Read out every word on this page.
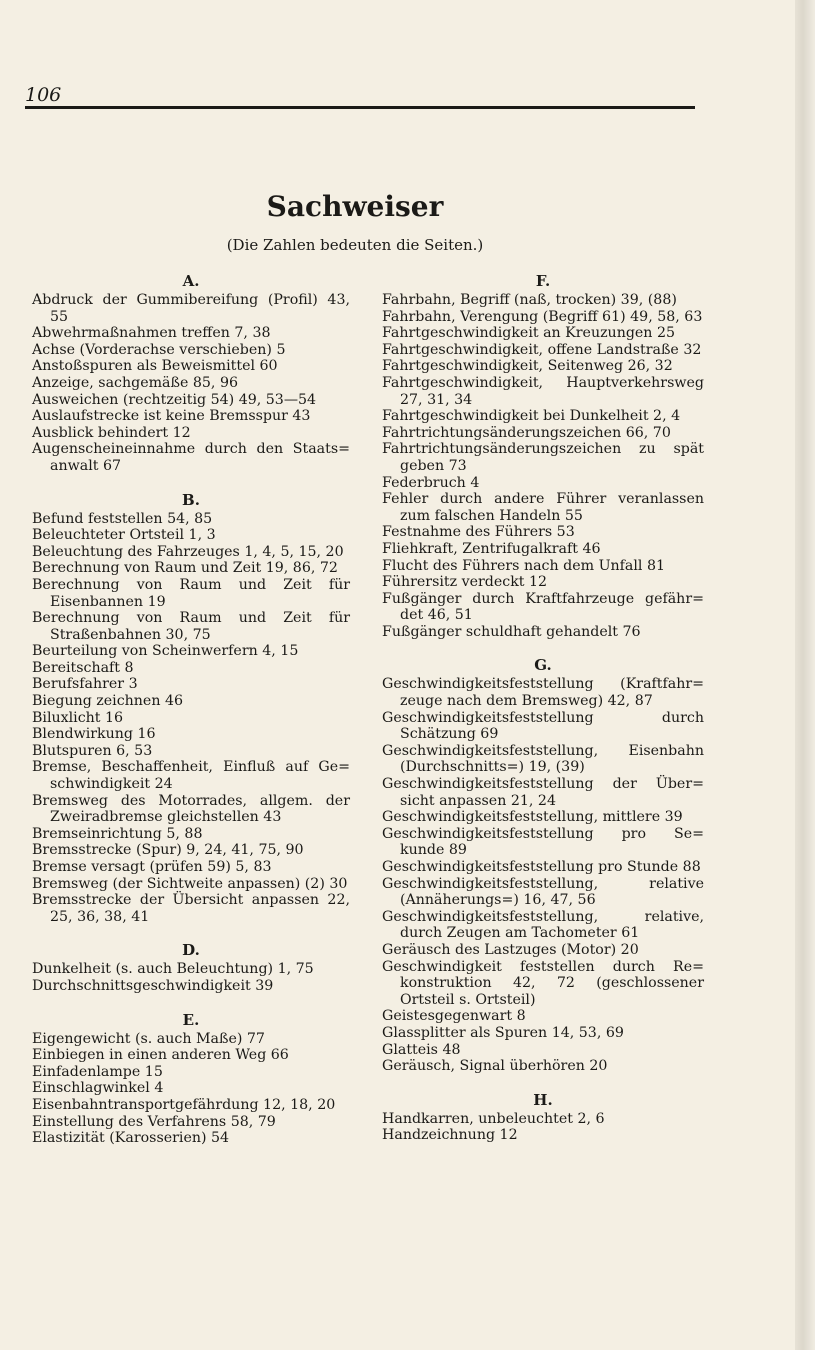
106
Sachweiser
(Die Zahlen bedeuten die Seiten.)
A.
Abdruck der Gummibereifung (Profil) 43, 55
Abwehrmaßnahmen treffen 7, 38
Achse (Vorderachse verschieben) 5
Anstoßspuren als Beweismittel 60
Anzeige, sachgemäße 85, 96
Ausweichen (rechtzeitig 54) 49, 53—54
Auslaufstrecke ist keine Bremsspur 43
Ausblick behindert 12
Augenscheineinnahme durch den Staats= anwalt 67
B.
Befund feststellen 54, 85
Beleuchteter Ortsteil 1, 3
Beleuchtung des Fahrzeuges 1, 4, 5, 15, 20
Berechnung von Raum und Zeit 19, 86, 72
Berechnung von Raum und Zeit für Eisenbannen 19
Berechnung von Raum und Zeit für Straßenbahnen 30, 75
Beurteilung von Scheinwerfern 4, 15
Bereitschaft 8
Berufsfahrer 3
Biegung zeichnen 46
Biluxlicht 16
Blendwirkung 16
Blutspuren 6, 53
Bremse, Beschaffenheit, Einfluß auf Ge= schwindigkeit 24
Bremsweg des Motorrades, allgem. der Zweiradbremse gleichstellen 43
Bremseinrichtung 5, 88
Bremsstrecke (Spur) 9, 24, 41, 75, 90
Bremse versagt (prüfen 59) 5, 83
Bremsweg (der Sichtweite anpassen) (2) 30
Bremsstrecke der Übersicht anpassen 22, 25, 36, 38, 41
D.
Dunkelheit (s. auch Beleuchtung) 1, 75
Durchschnittsgeschwindigkeit 39
E.
Eigengewicht (s. auch Maße) 77
Einbiegen in einen anderen Weg 66
Einfadenlampe 15
Einschlagwinkel 4
Eisenbahntransportgefährdung 12, 18, 20
Einstellung des Verfahrens 58, 79
Elastizität (Karosserien) 54
F.
Fahrbahn, Begriff (naß, trocken) 39, (88)
Fahrbahn, Verengung (Begriff 61) 49, 58, 63
Fahrtgeschwindigkeit an Kreuzungen 25
Fahrtgeschwindigkeit, offene Landstraße 32
Fahrtgeschwindigkeit, Seitenweg 26, 32
Fahrtgeschwindigkeit, Hauptverkehrsweg 27, 31, 34
Fahrtgeschwindigkeit bei Dunkelheit 2, 4
Fahrtrichtungsänderungszeichen 66, 70
Fahrtrichtungsänderungszeichen zu spät geben 73
Federbruch 4
Fehler durch andere Führer veranlassen zum falschen Handeln 55
Festnahme des Führers 53
Fliehkraft, Zentrifugalkraft 46
Flucht des Führers nach dem Unfall 81
Führersitz verdeckt 12
Fußgänger durch Kraftfahrzeuge gefähr= det 46, 51
Fußgänger schuldhaft gehandelt 76
G.
Geschwindigkeitsfeststellung (Kraftfahr= zeuge nach dem Bremsweg) 42, 87
Geschwindigkeitsfeststellung durch Schätzung 69
Geschwindigkeitsfeststellung, Eisenbahn (Durchschnitts=) 19, (39)
Geschwindigkeitsfeststellung der Über= sicht anpassen 21, 24
Geschwindigkeitsfeststellung, mittlere 39
Geschwindigkeitsfeststellung pro Se= kunde 89
Geschwindigkeitsfeststellung pro Stunde 88
Geschwindigkeitsfeststellung, relative (Annäherungs=) 16, 47, 56
Geschwindigkeitsfeststellung, relative, durch Zeugen am Tachometer 61
Geräusch des Lastzuges (Motor) 20
Geschwindigkeit feststellen durch Re= konstruktion 42, 72 (geschlossener Ortsteil s. Ortsteil)
Geistesgegenwart 8
Glassplitter als Spuren 14, 53, 69
Glatteis 48
Geräusch, Signal überhören 20
H.
Handkarren, unbeleuchtet 2, 6
Handzeichnung 12
